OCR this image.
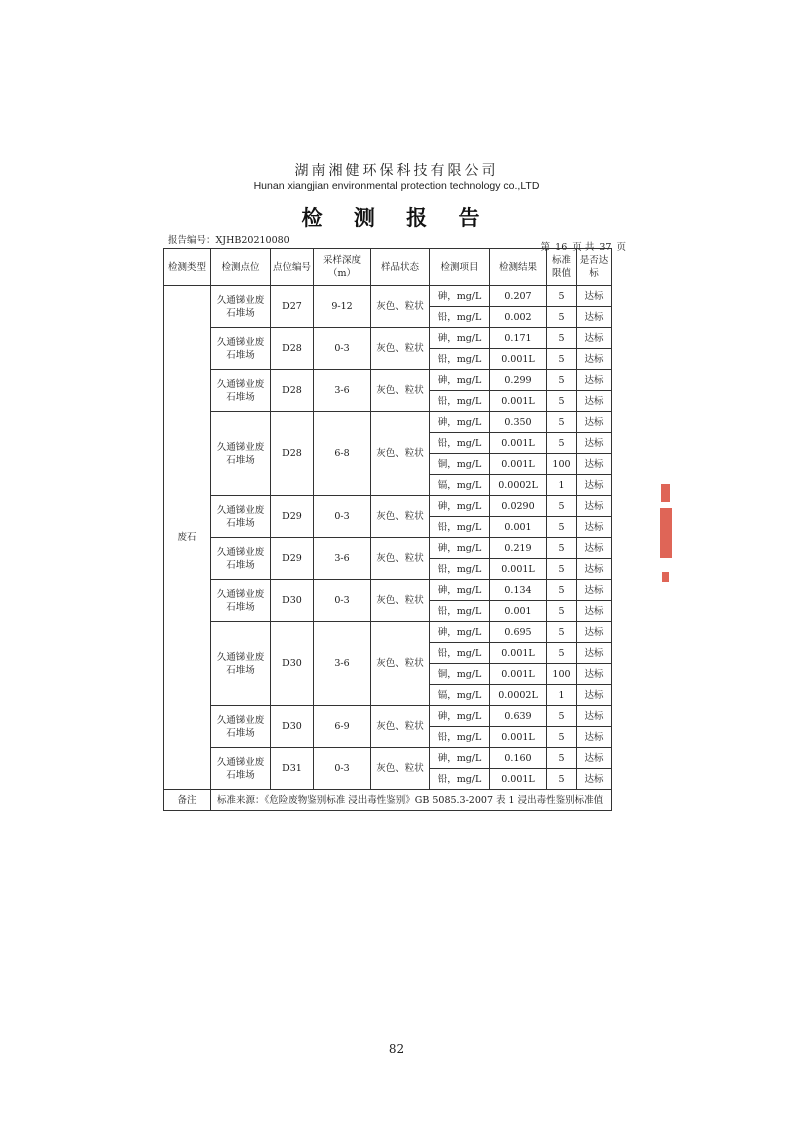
湖南湘健环保科技有限公司
Hunan xiangjian environmental protection technology co.,LTD
检 测 报 告
报告编号：XJHB20210080
第 16 页 共 37 页
检测类型	检测点位	点位编号	采样深度（m）	样品状态	检测项目	检测结果	标准限值	是否达标
废石	久通锑业废石堆场	D27	9-12	灰色、粒状	砷，mg/L	0.207	5	达标
					铅，mg/L	0.002	5	达标
	久通锑业废石堆场	D28	0-3	灰色、粒状	砷，mg/L	0.171	5	达标
					铅，mg/L	0.001L	5	达标
	久通锑业废石堆场	D28	3-6	灰色、粒状	砷，mg/L	0.299	5	达标
					铅，mg/L	0.001L	5	达标
	久通锑业废石堆场	D28	6-8	灰色、粒状	砷，mg/L	0.350	5	达标
					铅，mg/L	0.001L	5	达标
					铜，mg/L	0.001L	100	达标
					镉，mg/L	0.0002L	1	达标
	久通锑业废石堆场	D29	0-3	灰色、粒状	砷，mg/L	0.0290	5	达标
					铅，mg/L	0.001	5	达标
	久通锑业废石堆场	D29	3-6	灰色、粒状	砷，mg/L	0.219	5	达标
					铅，mg/L	0.001L	5	达标
	久通锑业废石堆场	D30	0-3	灰色、粒状	砷，mg/L	0.134	5	达标
					铅，mg/L	0.001	5	达标
	久通锑业废石堆场	D30	3-6	灰色、粒状	砷，mg/L	0.695	5	达标
					铅，mg/L	0.001L	5	达标
					铜，mg/L	0.001L	100	达标
					镉，mg/L	0.0002L	1	达标
	久通锑业废石堆场	D30	6-9	灰色、粒状	砷，mg/L	0.639	5	达标
					铅，mg/L	0.001L	5	达标
	久通锑业废石堆场	D31	0-3	灰色、粒状	砷，mg/L	0.160	5	达标
					铅，mg/L	0.001L	5	达标
备注	标准来源：《危险废物鉴别标准 浸出毒性鉴别》GB 5085.3-2007 表 1 浸出毒性鉴别标准值							
82
